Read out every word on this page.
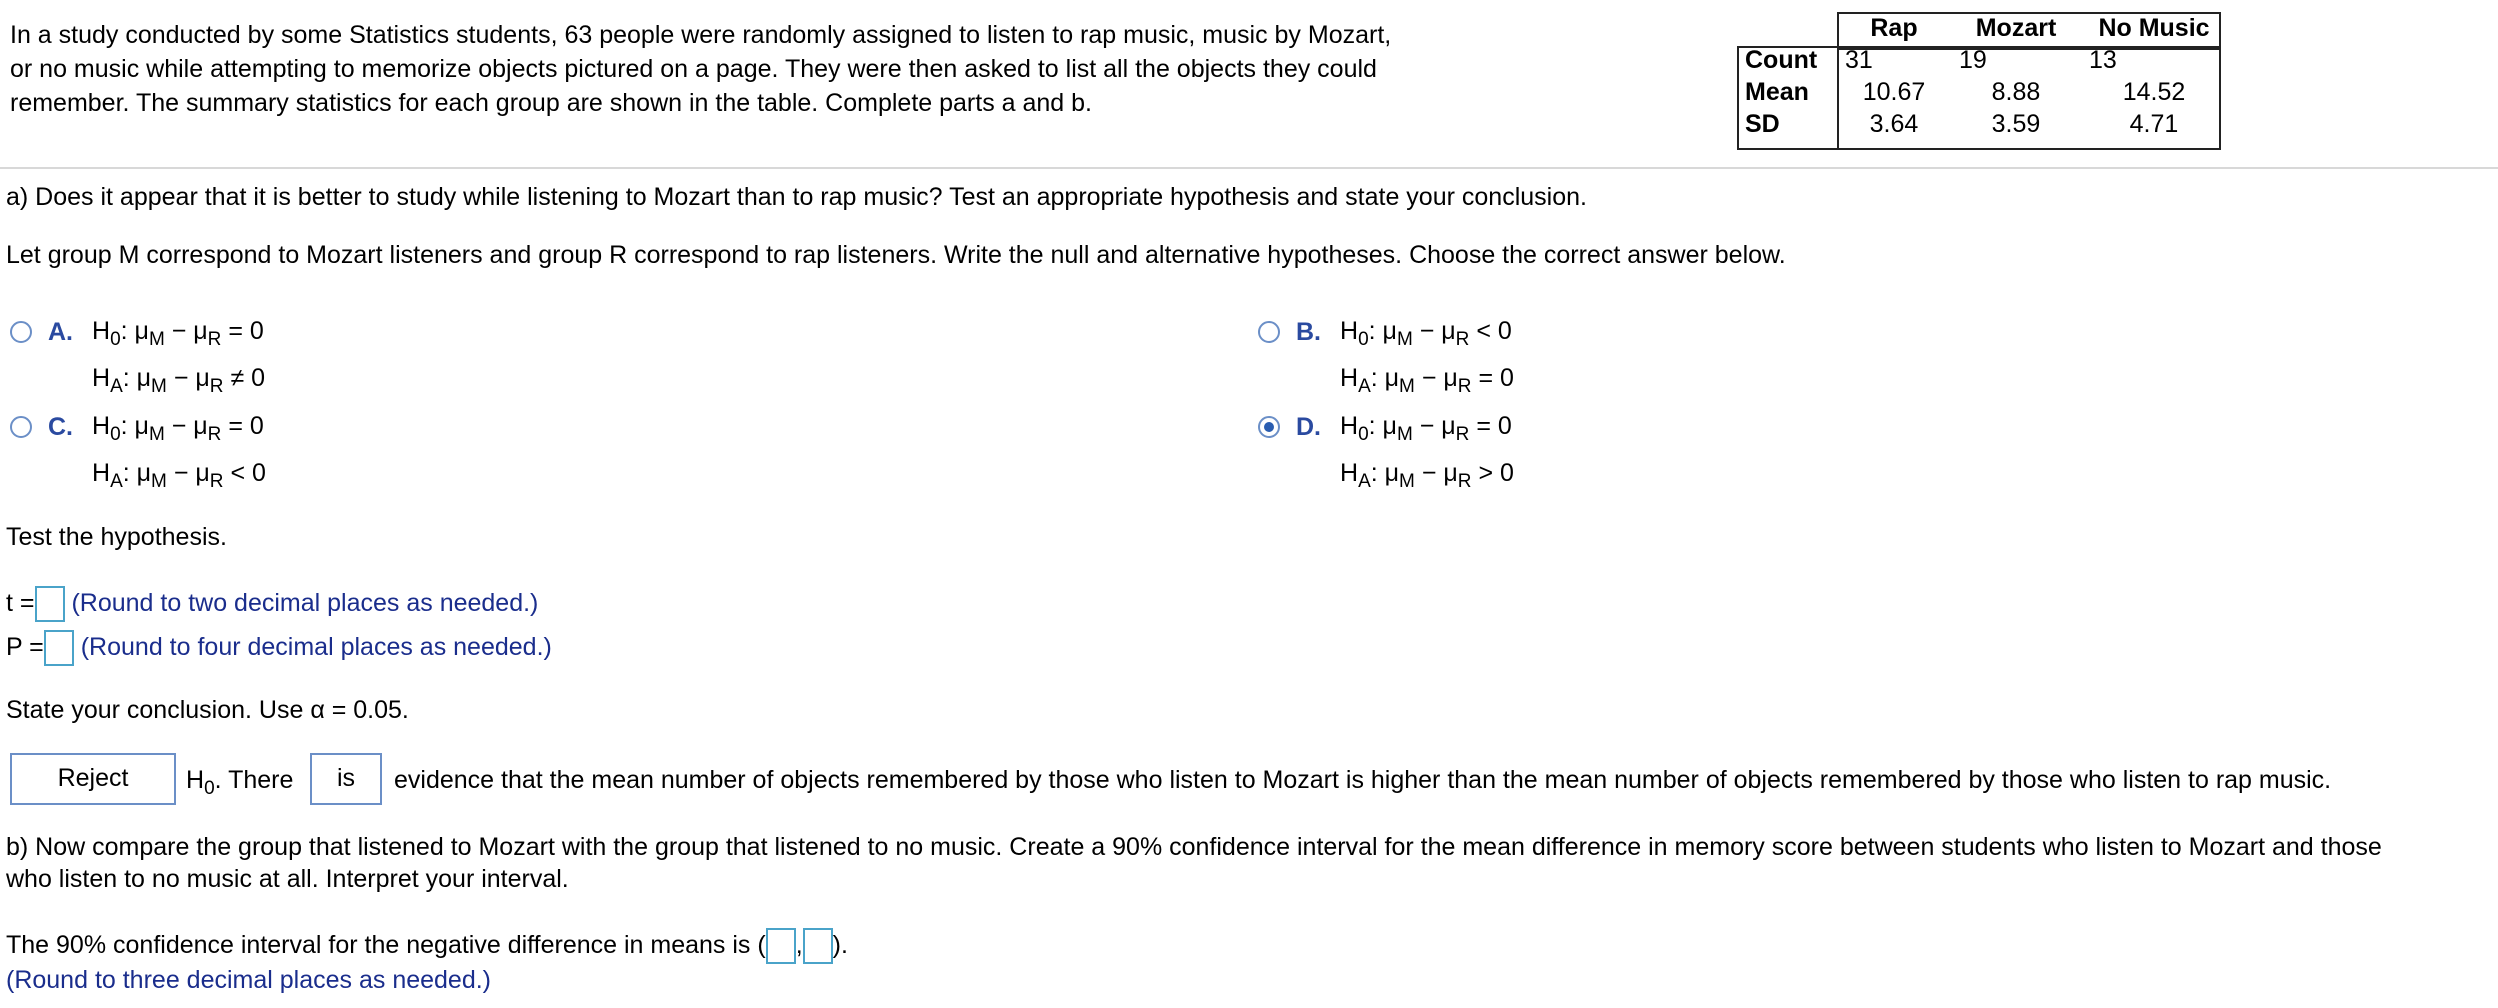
In a study conducted by some Statistics students, 63 people were randomly assigned to listen to rap music, music by Mozart,
or no music while attempting to memorize objects pictured on a page. They were then asked to list all the objects they could
remember. The summary statistics for each group are shown in the table. Complete parts a and b.
	Rap	Mozart	No Music
Count	31	19	13
Mean	10.67	8.88	14.52
SD	3.64	3.59	4.71
a) Does it appear that it is better to study while listening to Mozart than to rap music? Test an appropriate hypothesis and state your conclusion.
Let group M correspond to Mozart listeners and group R correspond to rap listeners. Write the null and alternative hypotheses. Choose the correct answer below.
A. $H_0$: $\mu_M - \mu_R = 0$
$H_A$: $\mu_M - \mu_R \ne 0$
B. $H_0$: $\mu_M - \mu_R < 0$
$H_A$: $\mu_M - \mu_R = 0$
C. $H_0$: $\mu_M - \mu_R = 0$
$H_A$: $\mu_M - \mu_R < 0$
D. $H_0$: $\mu_M - \mu_R = 0$
$H_A$: $\mu_M - \mu_R > 0$
Test the hypothesis.
t = (Round to two decimal places as needed.)
P = (Round to four decimal places as needed.)
State your conclusion. Use α = 0.05.
Reject	$H_0$. There	is	evidence that the mean number of objects remembered by those who listen to Mozart is higher than the mean number of objects remembered by those who listen to rap music.
b) Now compare the group that listened to Mozart with the group that listened to no music. Create a 90% confidence interval for the mean difference in memory score between students who listen to Mozart and those
who listen to no music at all. Interpret your interval.
The 90% confidence interval for the negative difference in means is ( , ).
(Round to three decimal places as needed.)
